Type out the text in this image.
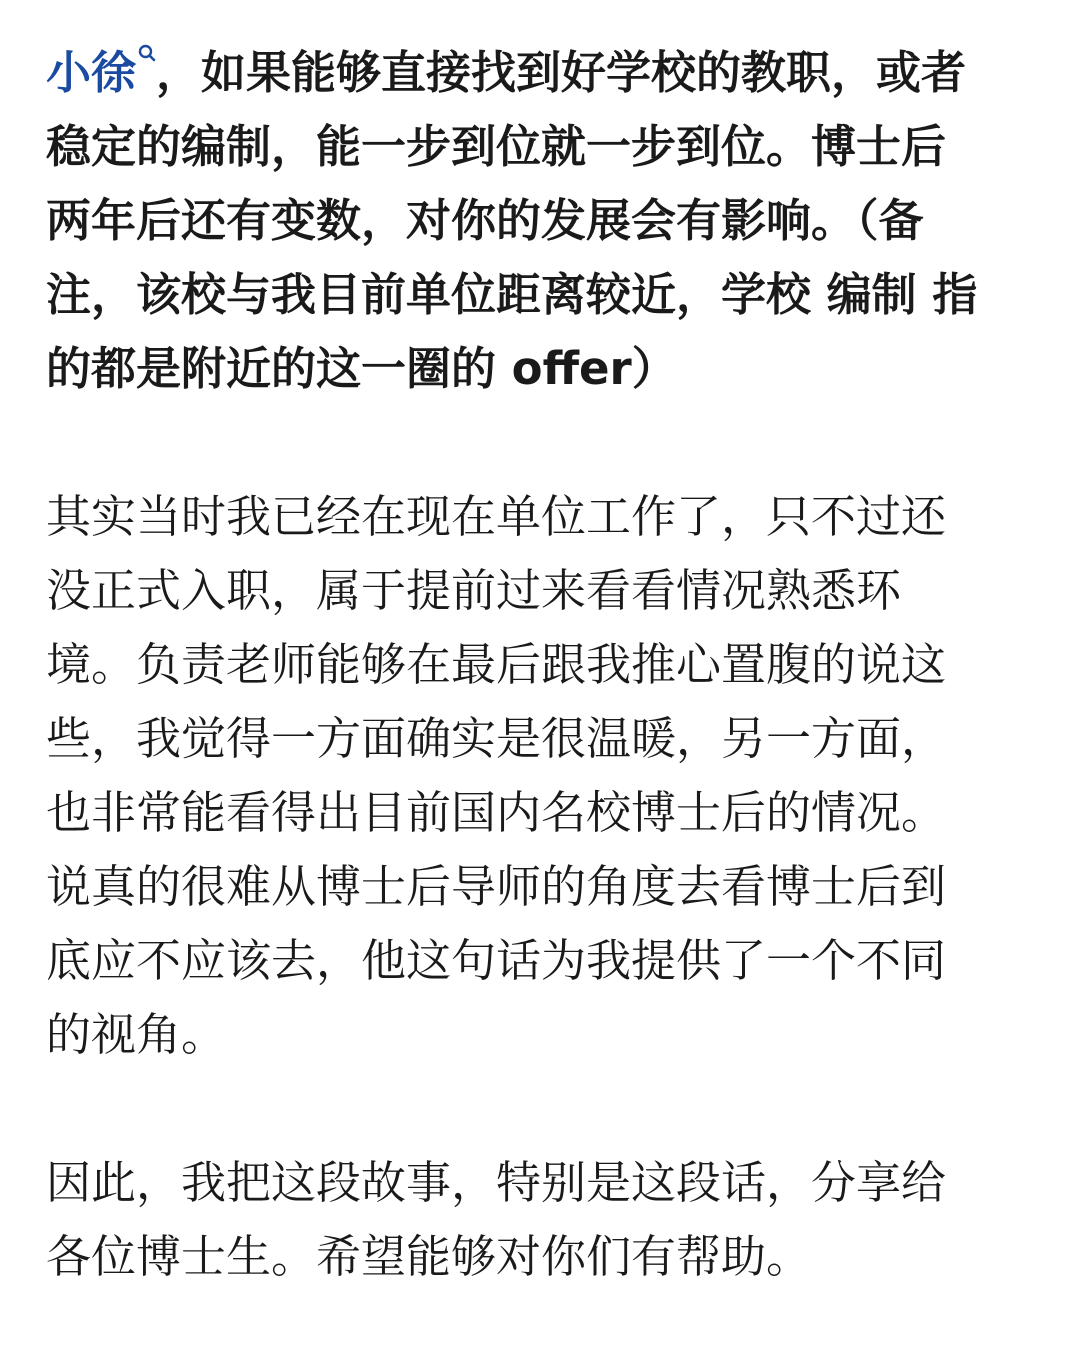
小徐 ，如果能够直接找到好学校的教职，或者
稳定的编制，能一步到位就一步到位。博士后
两年后还有变数，对你的发展会有影响。（备
注，该校与我目前单位距离较近，学校 编制 指
的都是附近的这一圈的 offer）

其实当时我已经在现在单位工作了，只不过还
没正式入职，属于提前过来看看情况熟悉环
境。负责老师能够在最后跟我推心置腹的说这
些，我觉得一方面确实是很温暖，另一方面，
也非常能看得出目前国内名校博士后的情况。
说真的很难从博士后导师的角度去看博士后到
底应不应该去，他这句话为我提供了一个不同
的视角。

因此，我把这段故事，特别是这段话，分享给
各位博士生。希望能够对你们有帮助。
